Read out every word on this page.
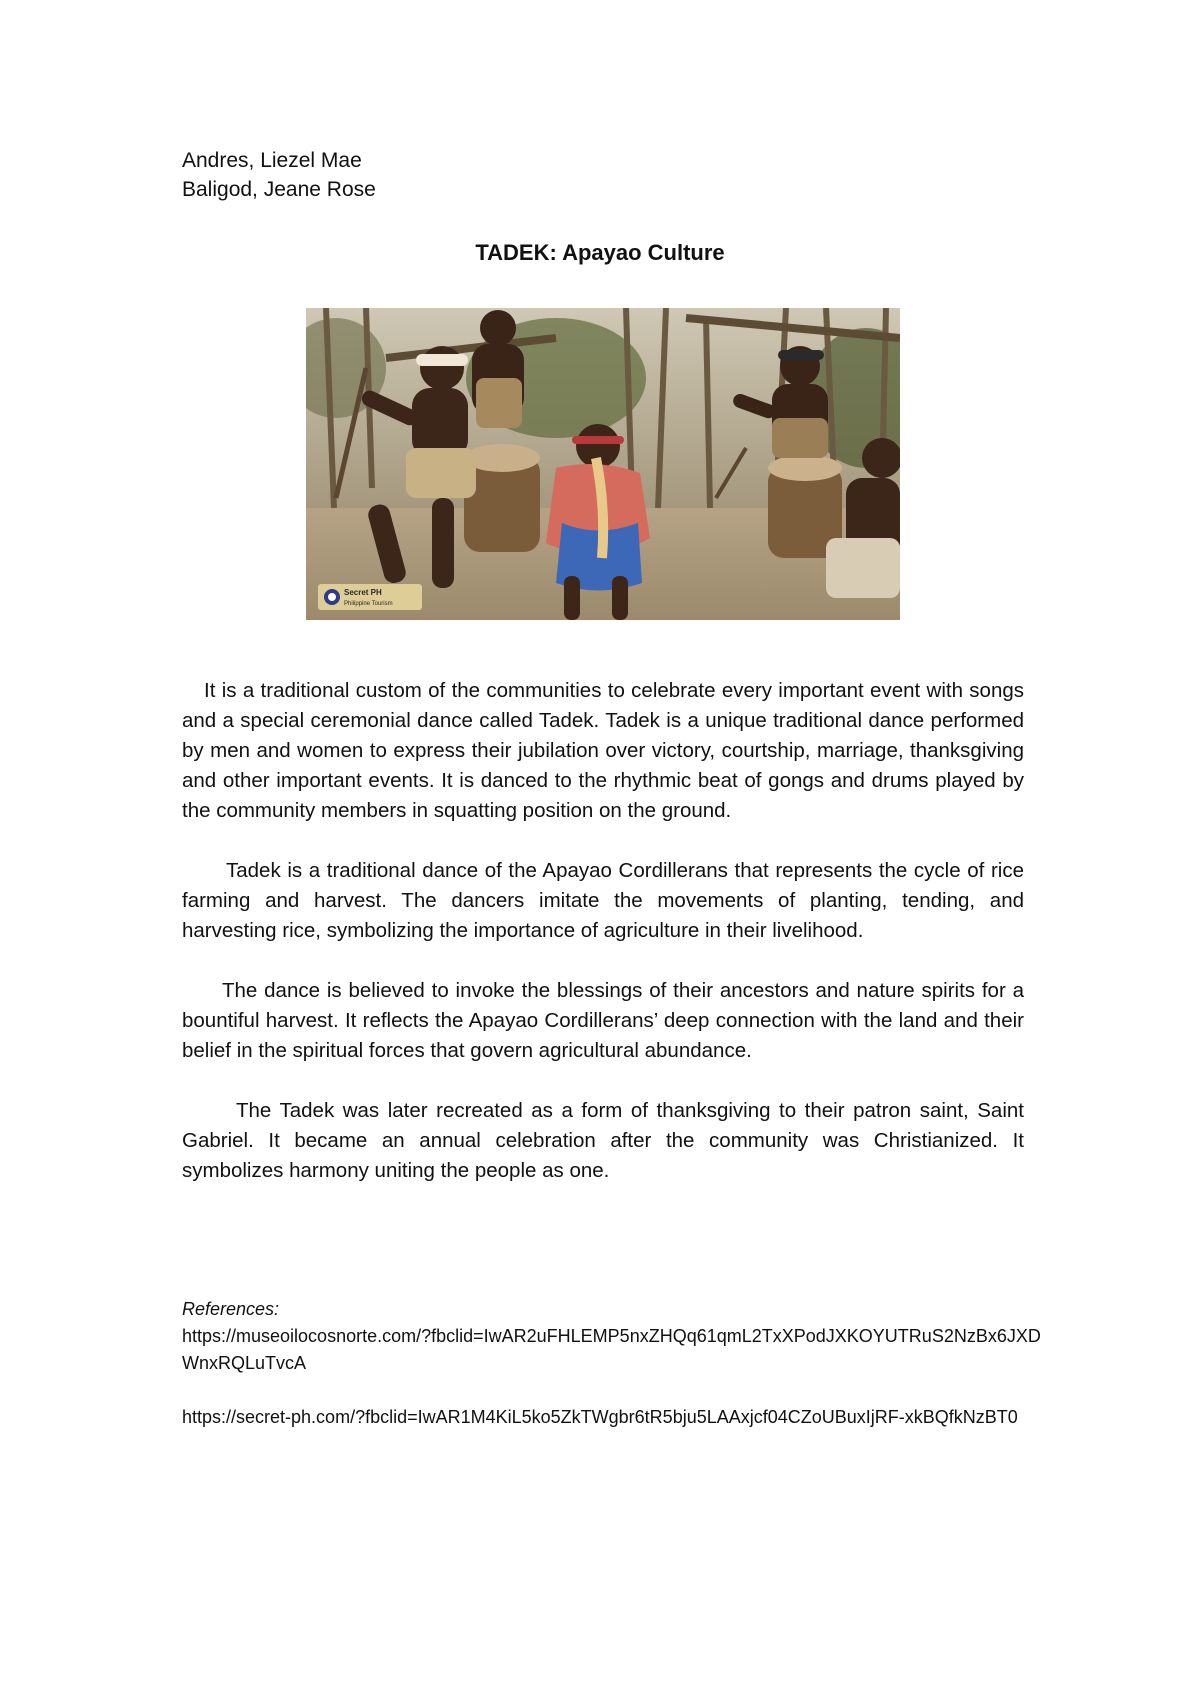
Andres, Liezel Mae
Baligod, Jeane Rose
TADEK: Apayao Culture
Secret PH
Philippine Tourism

It is a traditional custom of the communities to celebrate every important event with songs and a special ceremonial dance called Tadek. Tadek is a unique traditional dance performed by men and women to express their jubilation over victory, courtship, marriage, thanksgiving and other important events. It is danced to the rhythmic beat of gongs and drums played by the community members in squatting position on the ground.

Tadek is a traditional dance of the Apayao Cordillerans that represents the cycle of rice farming and harvest. The dancers imitate the movements of planting, tending, and harvesting rice, symbolizing the importance of agriculture in their livelihood.

The dance is believed to invoke the blessings of their ancestors and nature spirits for a bountiful harvest. It reflects the Apayao Cordillerans’ deep connection with the land and their belief in the spiritual forces that govern agricultural abundance.

The Tadek was later recreated as a form of thanksgiving to their patron saint, Saint Gabriel. It became an annual celebration after the community was Christianized. It symbolizes harmony uniting the people as one.

References:
https://museoilocosnorte.com/?fbclid=IwAR2uFHLEMP5nxZHQq61qmL2TxXPodJXKOYUTRuS2NzBx6JXDWnxRQLuTvcA
https://secret-ph.com/?fbclid=IwAR1M4KiL5ko5ZkTWgbr6tR5bju5LAAxjcf04CZoUBuxIjRF-xkBQfkNzBT0
